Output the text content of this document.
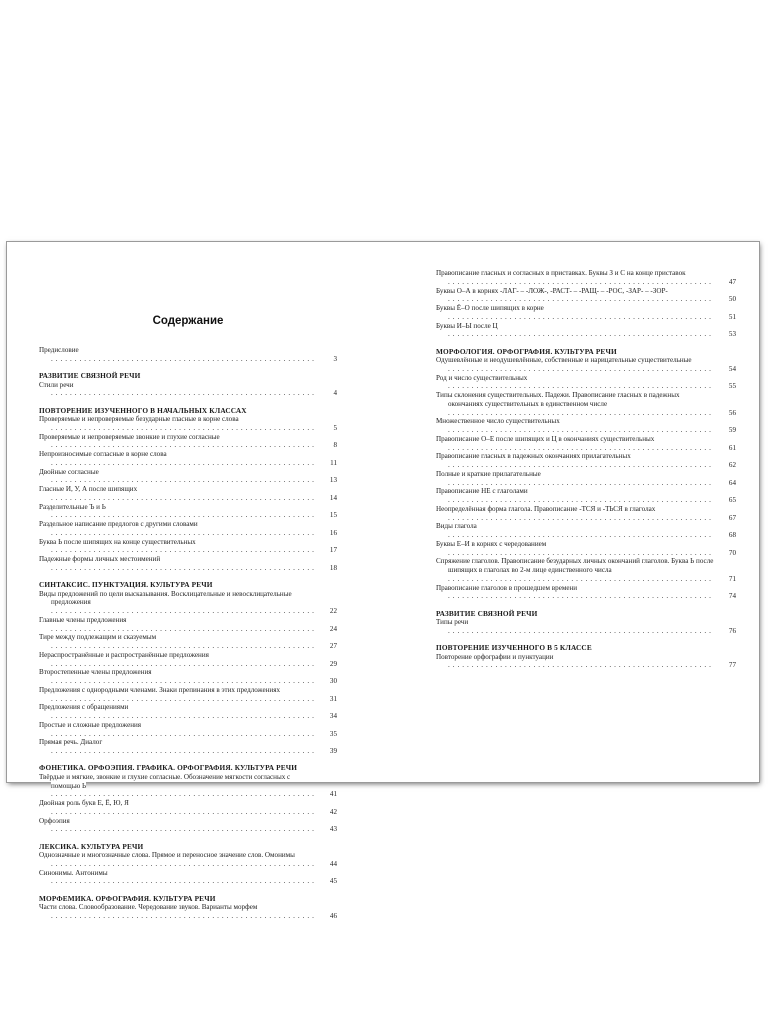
Содержание
Предисловие . . .
3
РАЗВИТИЕ СВЯЗНОЙ РЕЧИ
Стили речи . . .
4
ПОВТОРЕНИЕ ИЗУЧЕННОГО В НАЧАЛЬНЫХ КЛАССАХ
Проверяемые и непроверяемые безударные гласные в корне слова . . .
5
Проверяемые и непроверяемые звонкие и глухие согласные . . .
8
Непроизносимые согласные в корне слова . . .
11
Двойные согласные . . .
13
Гласные И, У, А после шипящих . . .
14
Разделительные Ъ и Ь . . .
15
Раздельное написание предлогов с другими словами . . .
16
Буква Ь после шипящих на конце существительных . . .
17
Падежные формы личных местоимений . . .
18
СИНТАКСИС. ПУНКТУАЦИЯ. КУЛЬТУРА РЕЧИ
Виды предложений по цели высказывания. Восклицательные и невосклицательные предложения . . .
22
Главные члены предложения . . .
24
Тире между подлежащим и сказуемым . . .
27
Нераспространённые и распространённые предложения . . .
29
Второстепенные члены предложения . . .
30
Предложения с однородными членами. Знаки препинания в этих предложениях . . .
31
Предложения с обращениями . . .
34
Простые и сложные предложения . . .
35
Прямая речь. Диалог . . .
39
ФОНЕТИКА. ОРФОЭПИЯ. ГРАФИКА. ОРФОГРАФИЯ. КУЛЬТУРА РЕЧИ
Твёрдые и мягкие, звонкие и глухие согласные. Обозначение мягкости согласных с помощью Ь . . .
41
Двойная роль букв Е, Ё, Ю, Я . . .
42
Орфоэпия . . .
43
ЛЕКСИКА. КУЛЬТУРА РЕЧИ
Однозначные и многозначные слова. Прямое и переносное значение слов. Омонимы . . .
44
Синонимы. Антонимы . . .
45
МОРФЕМИКА. ОРФОГРАФИЯ. КУЛЬТУРА РЕЧИ
Части слова. Словообразование. Чередование звуков. Варианты морфем . . .
46
Правописание гласных и согласных в приставках. Буквы З и С на конце приставок . . .
47
Буквы О–А в корнях -ЛАГ- – -ЛОЖ-, -РАСТ- – -РАЩ- – -РОС, -ЗАР- – -ЗОР- . . .
50
Буквы Ё–О после шипящих в корне . . .
51
Буквы И–Ы после Ц . . .
53
МОРФОЛОГИЯ. ОРФОГРАФИЯ. КУЛЬТУРА РЕЧИ
Одушевлённые и неодушевлённые, собственные и нарицательные существительные . . .
54
Род и число существительных . . .
55
Типы склонения существительных. Падежи. Правописание гласных в падежных окончаниях существительных в единственном числе . . .
56
Множественное число существительных . . .
59
Правописание О–Е после шипящих и Ц в окончаниях существительных . . .
61
Правописание гласных в падежных окончаниях прилагательных . . .
62
Полные и краткие прилагательные . . .
64
Правописание НЕ с глаголами . . .
65
Неопределённая форма глагола. Правописание -ТСЯ и -ТЬСЯ в глаголах . . .
67
Виды глагола . . .
68
Буквы Е–И в корнях с чередованием . . .
70
Спряжение глаголов. Правописание безударных личных окончаний глаголов. Буква Ь после шипящих в глаголах во 2-м лице единственного числа . . .
71
Правописание глаголов в прошедшем времени . . .
74
РАЗВИТИЕ СВЯЗНОЙ РЕЧИ
Типы речи . . .
76
ПОВТОРЕНИЕ ИЗУЧЕННОГО В 5 КЛАССЕ
Повторение орфографии и пунктуации . . .
77
